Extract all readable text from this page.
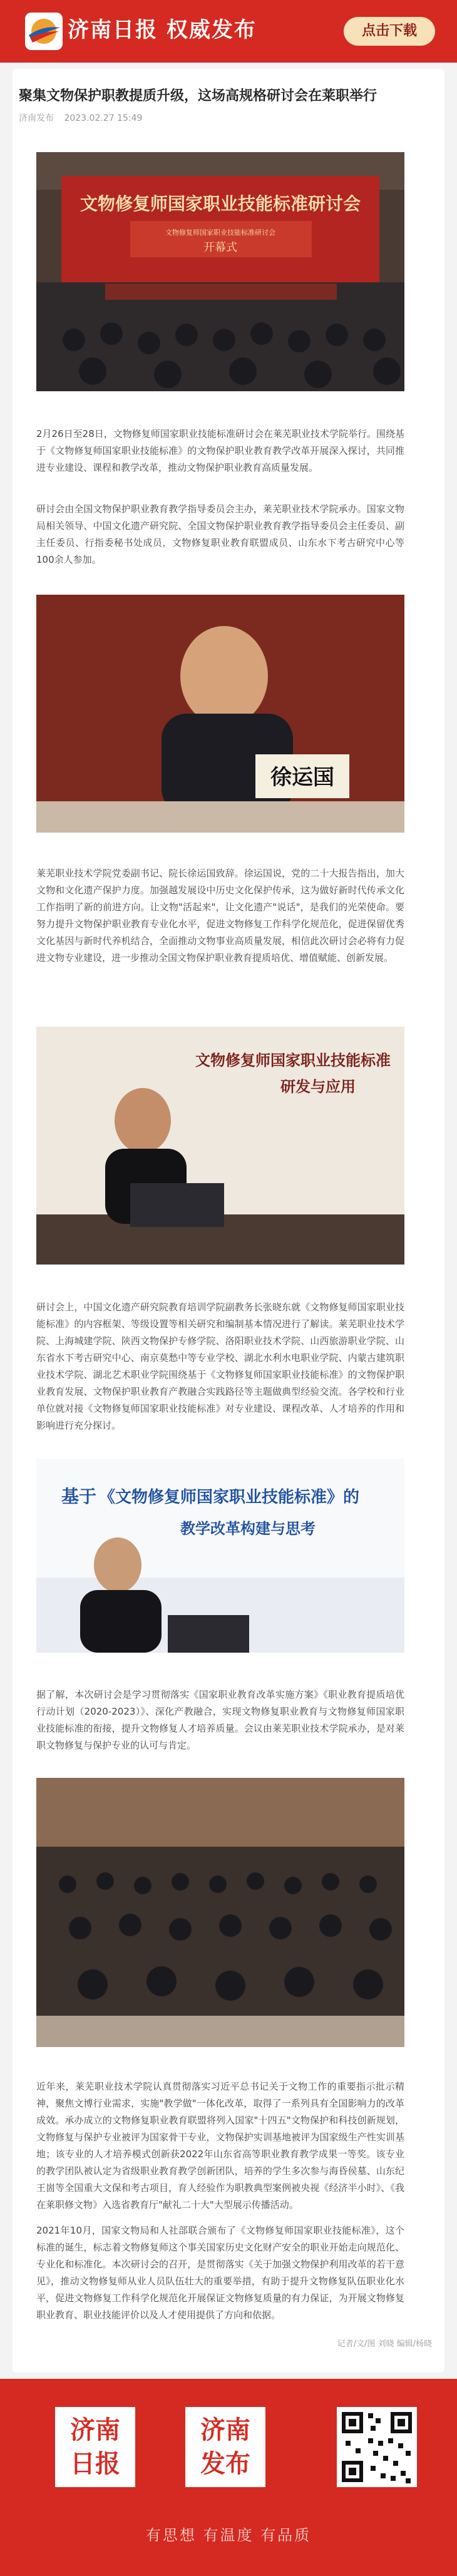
济南日报 权威发布	点击下载
聚集文物保护职教提质升级，这场高规格研讨会在莱职举行
济南发布 2023.02.27 15:49
文物修复师国家职业技能标准研讨会
文物修复师国家职业技能标准研讨会
开幕式
2月26日至28日，文物修复师国家职业技能标准研讨会在莱芜职业技术学院举行。围绕基于《文物修复师国家职业技能标准》的文物保护职业教育教学改革开展深入探讨，共同推进专业建设、课程和教学改革，推动文物保护职业教育高质量发展。
研讨会由全国文物保护职业教育教学指导委员会主办，莱芜职业技术学院承办。国家文物局相关领导、中国文化遗产研究院、全国文物保护职业教育教学指导委员会主任委员、副主任委员、行指委秘书处成员，文物修复职业教育联盟成员、山东水下考古研究中心等100余人参加。
徐运国
莱芜职业技术学院党委副书记、院长徐运国致辞。徐运国说，党的二十大报告指出，加大文物和文化遗产保护力度。加强越发展设中历史文化保护传承，这为做好新时代传承文化工作指明了新的前进方向。让文物"活起来"，让文化遗产"说话"，是我们的光荣使命。要努力提升文物保护职业教育专业化水平，促进文物修复工作科学化规范化，促进保留优秀文化基因与新时代养机结合，全面推动文物事业高质量发展，相信此次研讨会必将有力促进文物专业建设，进一步推动全国文物保护职业教育提质培优、增值赋能、创新发展。
文物修复师国家职业技能标准
研发与应用
研讨会上，中国文化遗产研究院教育培训学院副教务长张晓东就《文物修复师国家职业技能标准》的内容框架、等级设置等相关研究和编制基本情况进行了解读。莱芜职业技术学院、上海城建学院、陕西文物保护专修学院、洛阳职业技术学院、山西旅游职业学院、山东省水下考古研究中心、南京莫愁中等专业学校、湖北水利水电职业学院、内蒙古建筑职业技术学院、湖北艺术职业学院围绕基于《文物修复师国家职业技能标准》的文物保护职业教育发展、文物保护职业教育产教融合实践路径等主题做典型经验交流。各学校和行业单位就对接《文物修复师国家职业技能标准》对专业建设、课程改革、人才培养的作用和影响进行充分探讨。
基于 《文物修复师国家职业技能标准》的
教学改革构建与思考
据了解，本次研讨会是学习贯彻落实《国家职业教育改革实施方案》《职业教育提质培优行动计划（2020-2023）》、深化产教融合，实现文物修复职业教育与文物修复师国家职业技能标准的衔接，提升文物修复人才培养质量。会议由莱芜职业技术学院承办，是对莱职文物修复与保护专业的认可与肯定。
近年来，莱芜职业技术学院认真贯彻落实习近平总书记关于文物工作的重要指示批示精神，聚焦文博行业需求，实施"教学做"一体化改革，取得了一系列具有全国影响力的改革成效。承办成立的文物修复职业教育联盟将列入国家"十四五"文物保护和科技创新规划，文物修复与保护专业被评为国家骨干专业，文物保护实训基地被评为国家级生产性实训基地；该专业的人才培养模式创新获2022年山东省高等职业教育教学成果一等奖。该专业的教学团队被认定为省级职业教育教学创新团队，培养的学生多次参与海昏侯墓、山东纪王崮等全国重大文保和考古项目，育人经验作为职教典型案例被央视《经济半小时》、《我在莱职修文物》入选省教育厅"献礼二十大"大型展示传播活动。
2021年10月，国家文物局和人社部联合颁布了《文物修复师国家职业技能标准》，这个标准的诞生，标志着文物修复师这个事关国家历史文化财产安全的职业开始走向规范化、专业化和标准化。本次研讨会的召开，是贯彻落实《关于加强文物保护利用改革的若干意见》，推动文物修复师从业人员队伍壮大的重要举措，有助于提升文物修复队伍职业化水平，促进文物修复工作科学化规范化开展保证文物修复质量的有力保证，为开展文物修复职业教育、职业技能评价以及人才使用提供了方向和依据。
记者/文/图 刘晓 编辑/杨晓
济南
日报
济南
发布
有思想 有温度 有品质
